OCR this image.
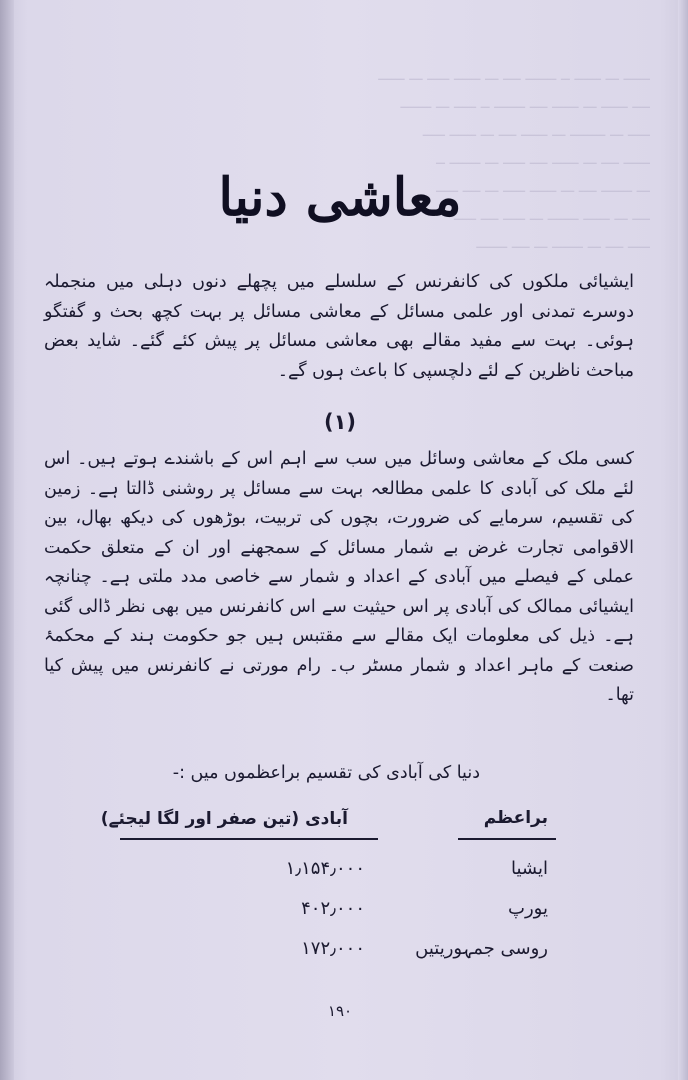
ــــــ ـــ ــــــ ــ ـــــــ ــــ ـــ ــــــ ـــــ ـــ ــــــ
ــــ ــــــ ـــ ــــــ ــــ ـــــــ ــ ـــــ ـــ ـــــــ
ـــــ ـــ ــــــــ ـــ ــــــ ــــ ـــ ــــــ ـــــ
ــــــ ــــ ـــ ــــــ ــــ ـــــ ـــ ـــــــ ــ
ـــ ـــــــ ــــ ـــ ــــــ ـــــ ـــ ــــ ـــــ
ــــ ـــ ــــــ ـــــــ ـــ ـــــ ــــ ـــــ
ـــــ ــــ ـــ ـــــــ ـــ ــــ ـــــــ
معاشی دنیا
ایشیائی ملکوں کی کانفرنس کے سلسلے میں پچھلے دنوں دہلی میں منجملہ دوسرے تمدنی اور علمی مسائل کے معاشی مسائل پر بہت کچھ بحث و گفتگو ہوئی۔ بہت سے مفید مقالے بھی معاشی مسائل پر پیش کئے گئے۔ شاید بعض مباحث ناظرین کے لئے دلچسپی کا باعث ہوں گے۔
(۱)
کسی ملک کے معاشی وسائل میں سب سے اہم اس کے باشندے ہوتے ہیں۔ اس لئے ملک کی آبادی کا علمی مطالعہ بہت سے مسائل پر روشنی ڈالتا ہے۔ زمین کی تقسیم، سرمایے کی ضرورت، بچوں کی تربیت، بوڑھوں کی دیکھ بھال، بین الاقوامی تجارت غرض بے شمار مسائل کے سمجھنے اور ان کے متعلق حکمت عملی کے فیصلے میں آبادی کے اعداد و شمار سے خاصی مدد ملتی ہے۔ چنانچہ ایشیائی ممالک کی آبادی پر اس حیثیت سے اس کانفرنس میں بھی نظر ڈالی گئی ہے۔ ذیل کی معلومات ایک مقالے سے مقتبس ہیں جو حکومت ہند کے محکمۂ صنعت کے ماہر اعداد و شمار مسٹر ب۔ رام مورتی نے کانفرنس میں پیش کیا تھا۔
دنیا کی آبادی کی تقسیم براعظموں میں :-
براعظم
آبادی (تین صفر اور لگا لیجئے)
ایشیا
۱٫۱۵۴٫۰۰۰
یورپ
۴۰۲٫۰۰۰
روسی جمہوریتیں
۱۷۲٫۰۰۰
۱۹۰
